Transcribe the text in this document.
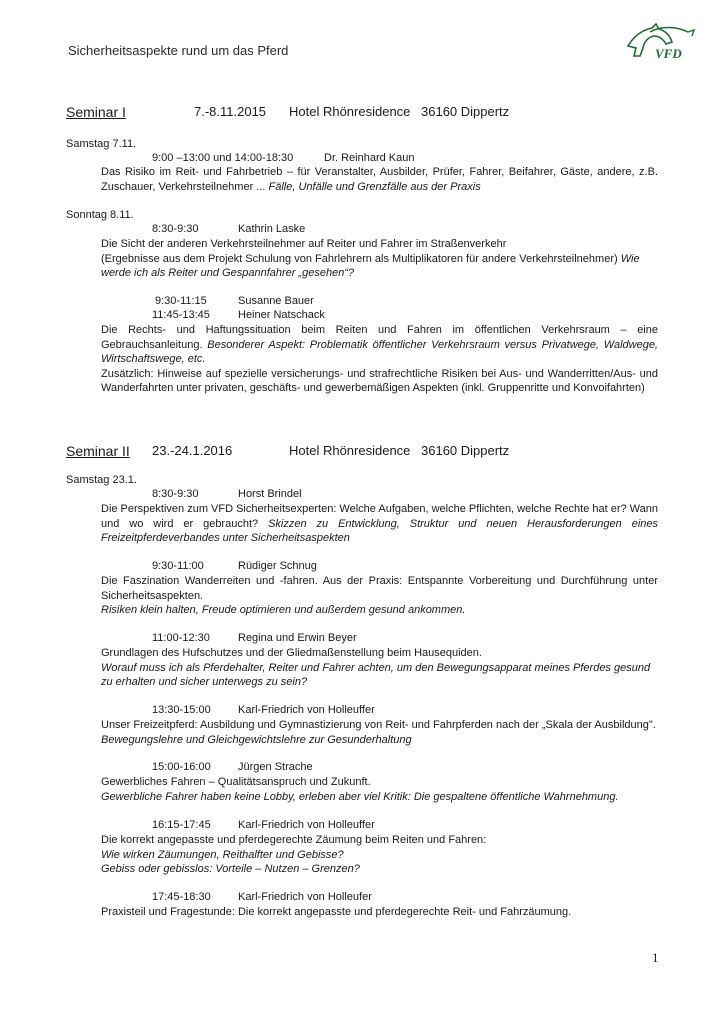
Sicherheitsaspekte rund um das Pferd	VFD
Seminar I	7.-8.11.2015 Hotel Rhönresidence 36160 Dippertz
Samstag 7.11.
9:00 –13:00 und 14:00-18:30	Dr. Reinhard Kaun
Das Risiko im Reit- und Fahrbetrieb – für Veranstalter, Ausbilder, Prüfer, Fahrer, Beifahrer, Gäste, andere, z.B. Zuschauer, Verkehrsteilnehmer ... Fälle, Unfälle und Grenzfälle aus der Praxis
Sonntag 8.11.
8:30-9:30	Kathrin Laske
Die Sicht der anderen Verkehrsteilnehmer auf Reiter und Fahrer im Straßenverkehr
(Ergebnisse aus dem Projekt Schulung von Fahrlehrern als Multiplikatoren für andere Verkehrsteilnehmer) Wie werde ich als Reiter und Gespannfahrer „gesehen“?
9:30-11:15	Susanne Bauer
11:45-13:45	Heiner Natschack
Die Rechts- und Haftungssituation beim Reiten und Fahren im öffentlichen Verkehrsraum – eine Gebrauchsanleitung. Besonderer Aspekt: Problematik öffentlicher Verkehrsraum versus Privatwege, Waldwege, Wirtschaftswege, etc.
Zusätzlich: Hinweise auf spezielle versicherungs- und strafrechtliche Risiken bei Aus- und Wanderritten/Aus- und Wanderfahrten unter privaten, geschäfts- und gewerbemäßigen Aspekten (inkl. Gruppenritte und Konvoifahrten)
Seminar II 23.-24.1.2016	Hotel Rhönresidence 36160 Dippertz
Samstag 23.1.
8:30-9:30	Horst Brindel
Die Perspektiven zum VFD Sicherheitsexperten: Welche Aufgaben, welche Pflichten, welche Rechte hat er? Wann und wo wird er gebraucht? Skizzen zu Entwicklung, Struktur und neuen Herausforderungen eines Freizeitpferdeverbandes unter Sicherheitsaspekten
9:30-11:00	Rüdiger Schnug
Die Faszination Wanderreiten und -fahren. Aus der Praxis: Entspannte Vorbereitung und Durchführung unter Sicherheitsaspekten.
Risiken klein halten, Freude optimieren und außerdem gesund ankommen.
11:00-12:30	Regina und Erwin Beyer
Grundlagen des Hufschutzes und der Gliedmaßenstellung beim Hausequiden.
Worauf muss ich als Pferdehalter, Reiter und Fahrer achten, um den Bewegungsapparat meines Pferdes gesund zu erhalten und sicher unterwegs zu sein?
13:30-15:00 Karl-Friedrich von Holleuffer
Unser Freizeitpferd: Ausbildung und Gymnastizierung von Reit- und Fahrpferden nach der „Skala der Ausbildung". Bewegungslehre und Gleichgewichtslehre zur Gesunderhaltung
15:00-16:00 Jürgen Strache
Gewerbliches Fahren – Qualitätsanspruch und Zukunft.
Gewerbliche Fahrer haben keine Lobby, erleben aber viel Kritik: Die gespaltene öffentliche Wahrnehmung.
16:15-17:45 Karl-Friedrich von Holleuffer
Die korrekt angepasste und pferdegerechte Zäumung beim Reiten und Fahren:
Wie wirken Zäumungen, Reithalfter und Gebisse?
Gebiss oder gebisslos: Vorteile – Nutzen – Grenzen?
17:45-18:30 Karl-Friedrich von Holleufer
Praxisteil und Fragestunde: Die korrekt angepasste und pferdegerechte Reit- und Fahrzäumung.
1
